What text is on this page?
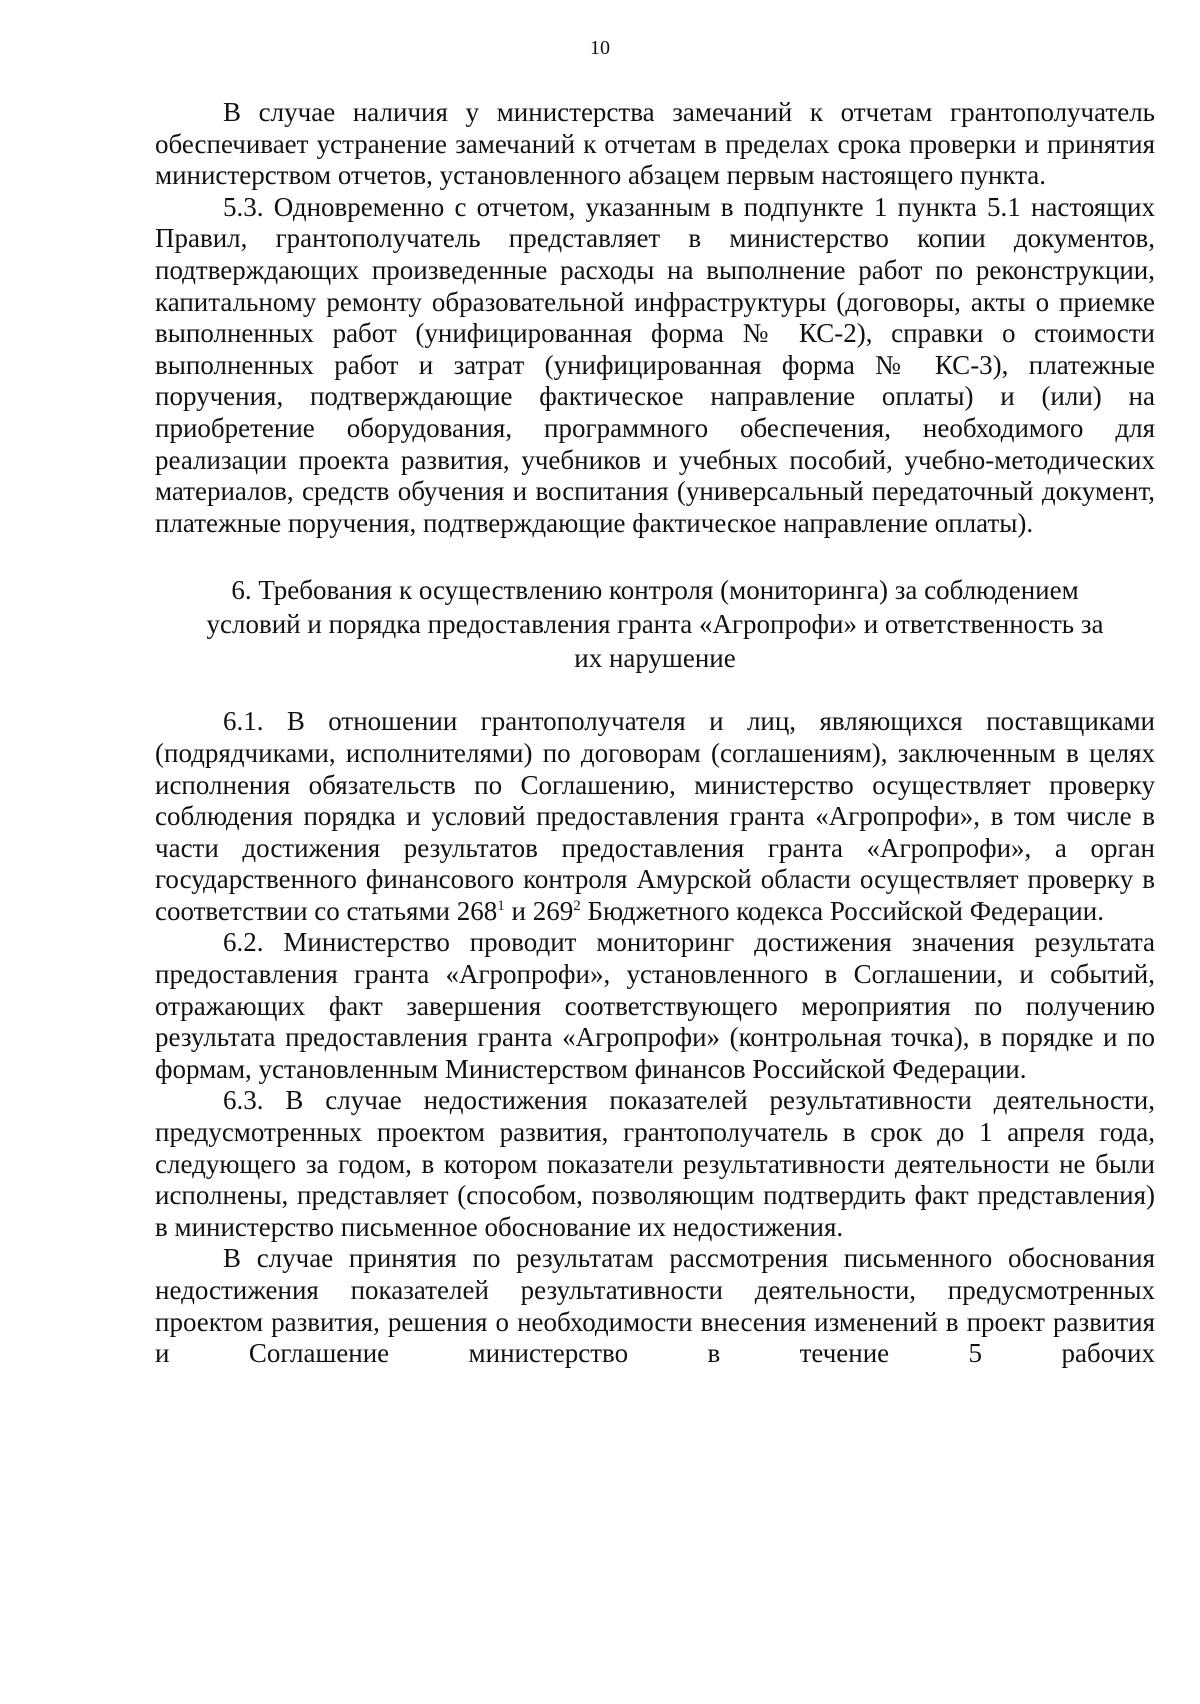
10

В случае наличия у министерства замечаний к отчетам грантополучатель обеспечивает устранение замечаний к отчетам в пределах срока проверки и принятия министерством отчетов, установленного абзацем первым настоящего пункта.

5.3. Одновременно с отчетом, указанным в подпункте 1 пункта 5.1 настоящих Правил, грантополучатель представляет в министерство копии документов, подтверждающих произведенные расходы на выполнение работ по реконструкции, капитальному ремонту образовательной инфраструктуры (договоры, акты о приемке выполненных работ (унифицированная форма № КС-2), справки о стоимости выполненных работ и затрат (унифицированная форма № КС-3), платежные поручения, подтверждающие фактическое направление оплаты) и (или) на приобретение оборудования, программного обеспечения, необходимого для реализации проекта развития, учебников и учебных пособий, учебно-методических материалов, средств обучения и воспитания (универсальный передаточный документ, платежные поручения, подтверждающие фактическое направление оплаты).

6. Требования к осуществлению контроля (мониторинга) за соблюдением
условий и порядка предоставления гранта «Агропрофи» и ответственность за
их нарушение

6.1. В отношении грантополучателя и лиц, являющихся поставщиками (подрядчиками, исполнителями) по договорам (соглашениям), заключенным в целях исполнения обязательств по Соглашению, министерство осуществляет проверку соблюдения порядка и условий предоставления гранта «Агропрофи», в том числе в части достижения результатов предоставления гранта «Агропрофи», а орган государственного финансового контроля Амурской области осуществляет проверку в соответствии со статьями $268^1$ и $269^2$ Бюджетного кодекса Российской Федерации.

6.2. Министерство проводит мониторинг достижения значения результата предоставления гранта «Агропрофи», установленного в Соглашении, и событий, отражающих факт завершения соответствующего мероприятия по получению результата предоставления гранта «Агропрофи» (контрольная точка), в порядке и по формам, установленным Министерством финансов Российской Федерации.

6.3. В случае недостижения показателей результативности деятельности, предусмотренных проектом развития, грантополучатель в срок до 1 апреля года, следующего за годом, в котором показатели результативности деятельности не были исполнены, представляет (способом, позволяющим подтвердить факт представления) в министерство письменное обоснование их недостижения.

В случае принятия по результатам рассмотрения письменного обоснования недостижения показателей результативности деятельности, предусмотренных проектом развития, решения о необходимости внесения изменений в проект развития и Соглашение министерство в течение 5 рабочих
